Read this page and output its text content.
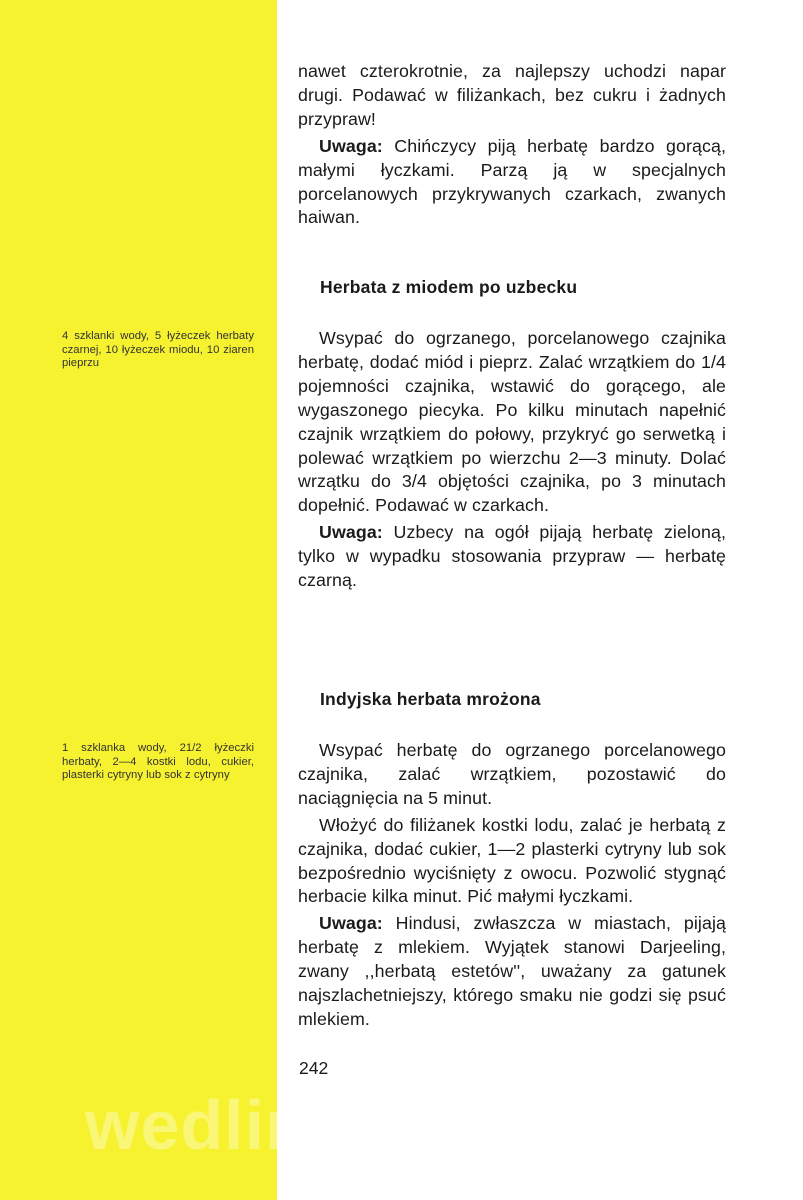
4 szklanki wody, 5 łyżeczek herbaty czarnej, 10 łyżeczek miodu, 10 ziaren pieprzu
1 szklanka wody, 21/2 łyżeczki herbaty, 2—4 kostki lodu, cukier, plasterki cytryny lub sok z cytryny

nawet czterokrotnie, za najlepszy uchodzi napar drugi. Podawać w filiżankach, bez cukru i żadnych przypraw!

Uwaga: Chińczycy piją herbatę bardzo gorącą, małymi łyczkami. Parzą ją w specjalnych porcelanowych przykrywanych czarkach, zwanych haiwan.

Herbata z miodem po uzbecku

Wsypać do ogrzanego, porcelanowego czajnika herbatę, dodać miód i pieprz. Zalać wrzątkiem do 1/4 pojemności czajnika, wstawić do gorącego, ale wygaszonego piecyka. Po kilku minutach napełnić czajnik wrzątkiem do połowy, przykryć go serwetką i polewać wrzątkiem po wierzchu 2—3 minuty. Dolać wrzątku do 3/4 objętości czajnika, po 3 minutach dopełnić. Podawać w czarkach.

Uwaga: Uzbecy na ogół pijają herbatę zieloną, tylko w wypadku stosowania przypraw — herbatę czarną.

Indyjska herbata mrożona

Wsypać herbatę do ogrzanego porcelanowego czajnika, zalać wrzątkiem, pozostawić do naciągnięcia na 5 minut.

Włożyć do filiżanek kostki lodu, zalać je herbatą z czajnika, dodać cukier, 1—2 plasterki cytryny lub sok bezpośrednio wyciśnięty z owocu. Pozwolić stygnąć herbacie kilka minut. Pić małymi łyczkami.

Uwaga: Hindusi, zwłaszcza w miastach, pijają herbatę z mlekiem. Wyjątek stanowi Darjeeling, zwany ,,herbatą estetów'', uważany za gatunek najszlachetniejszy, którego smaku nie godzi się psuć mlekiem.

242
wedlinydomowe.pl
